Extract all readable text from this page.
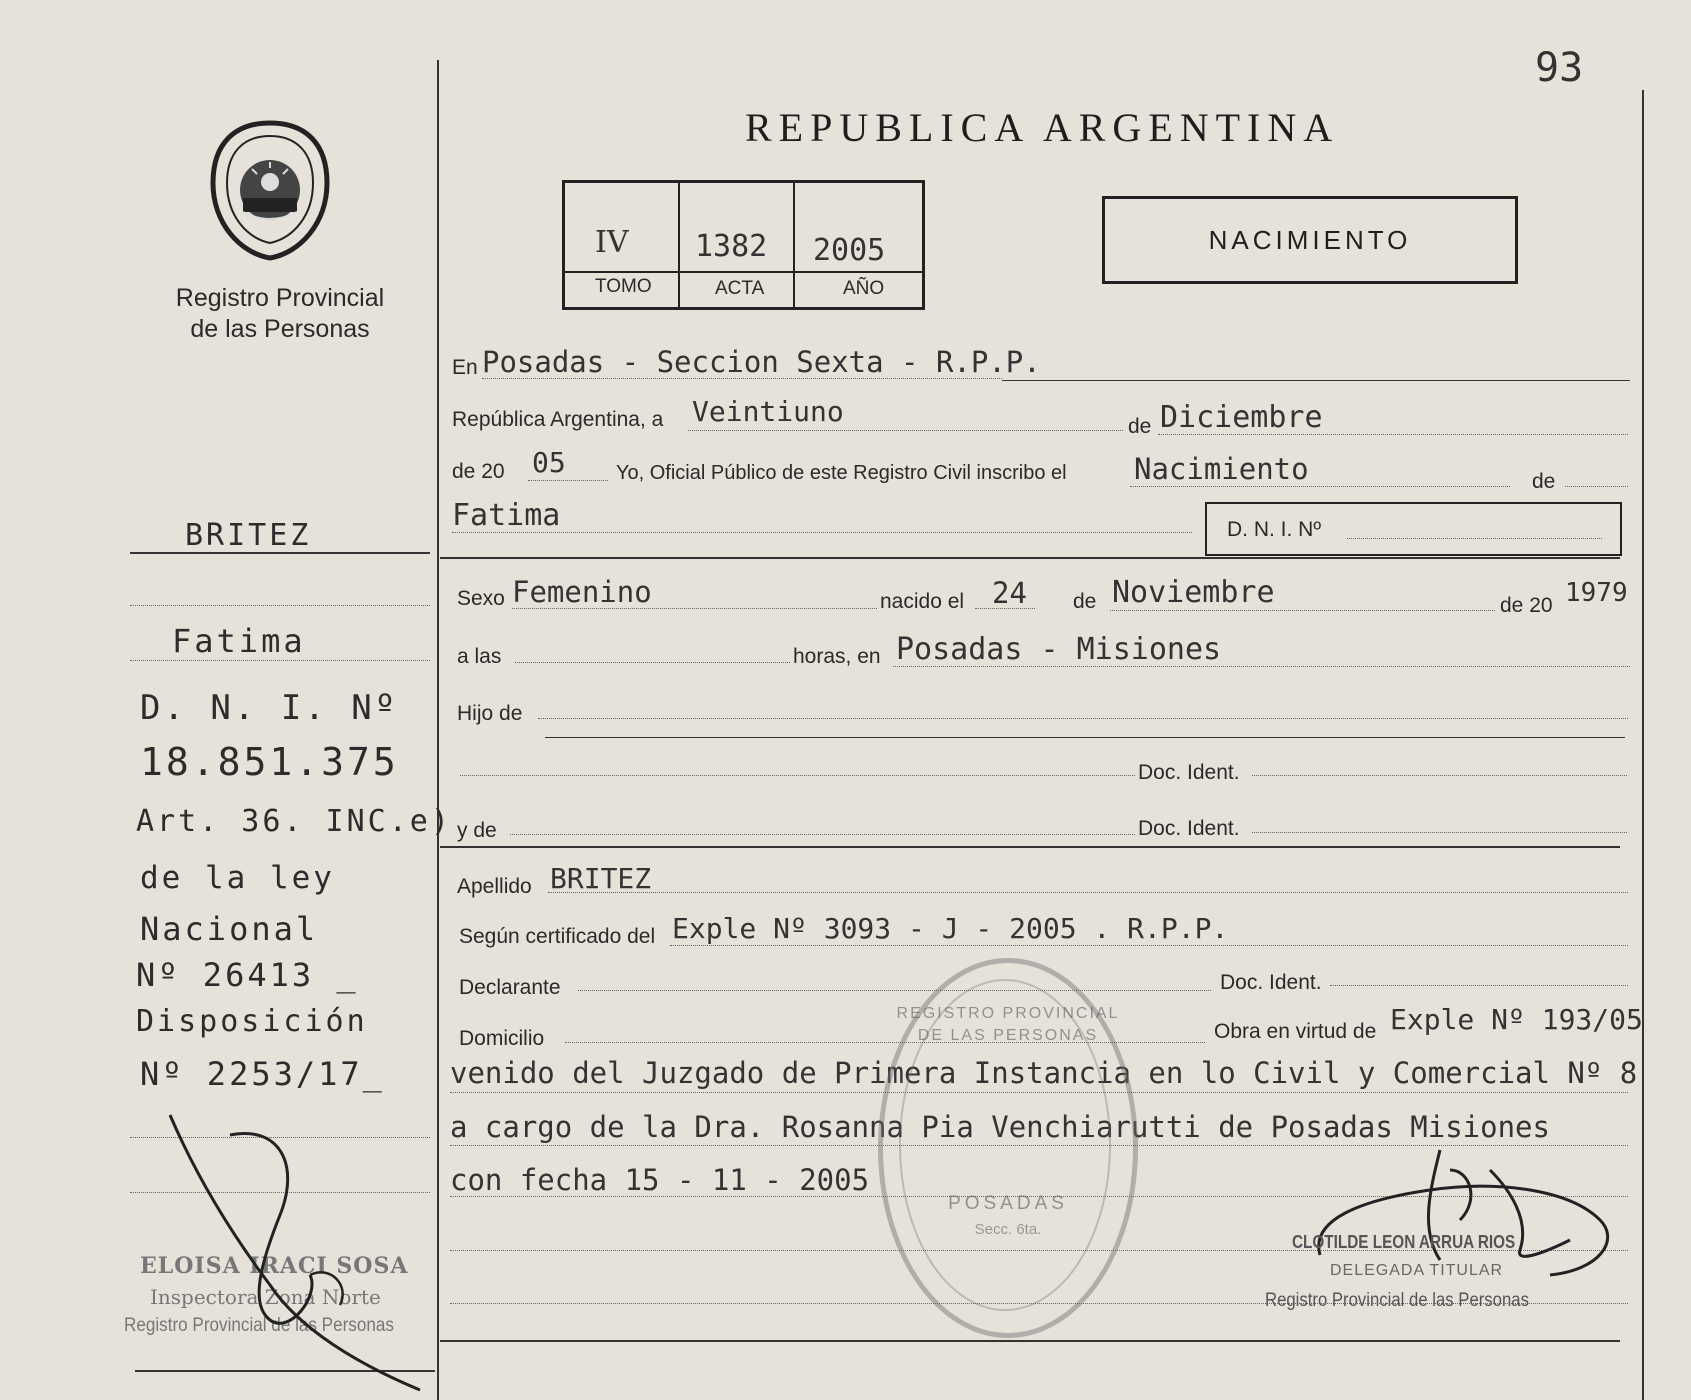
93
Registro Provincial
de las Personas
REPUBLICA ARGENTINA
IV 1382 2005
TOMO	ACTA	AÑO
NACIMIENTO
BRITEZ
Fatima
D. N. I. Nº
18.851.375
Art. 36. INC.e)
de la ley
Nacional
Nº 26413 _
Disposición
Nº 2253/17_
ELOISA IRACI SOSA
Inspectora Zona Norte
Registro Provincial de las Personas
En Posadas - Seccion Sexta - R.P.P.
República Argentina, a Veintiuno	de Diciembre
de 20 05	Yo, Oficial Público de este Registro Civil inscribo el Nacimiento	de
Fatima	D. N. I. Nº
Sexo Femenino	nacido el 24 de Noviembre	de 20 1979
a las	horas, en Posadas - Misiones
Hijo de
Doc. Ident.
y de	Doc. Ident.
Apellido BRITEZ
Según certificado del Exple Nº 3093 - J - 2005 . R.P.P.
Declarante	Doc. Ident.
Domicilio	Obra en virtud de Exple Nº 193/05
venido del Juzgado de Primera Instancia en lo Civil y Comercial Nº 8
a cargo de la Dra. Rosanna Pia Venchiarutti de Posadas Misiones
con fecha 15 - 11 - 2005
REGISTRO PROVINCIAL DE LAS PERSONAS
POSADAS
Secc. 6ta.
CLOTILDE LEON ARRUA RIOS
DELEGADA TITULAR
Registro Provincial de las Personas
